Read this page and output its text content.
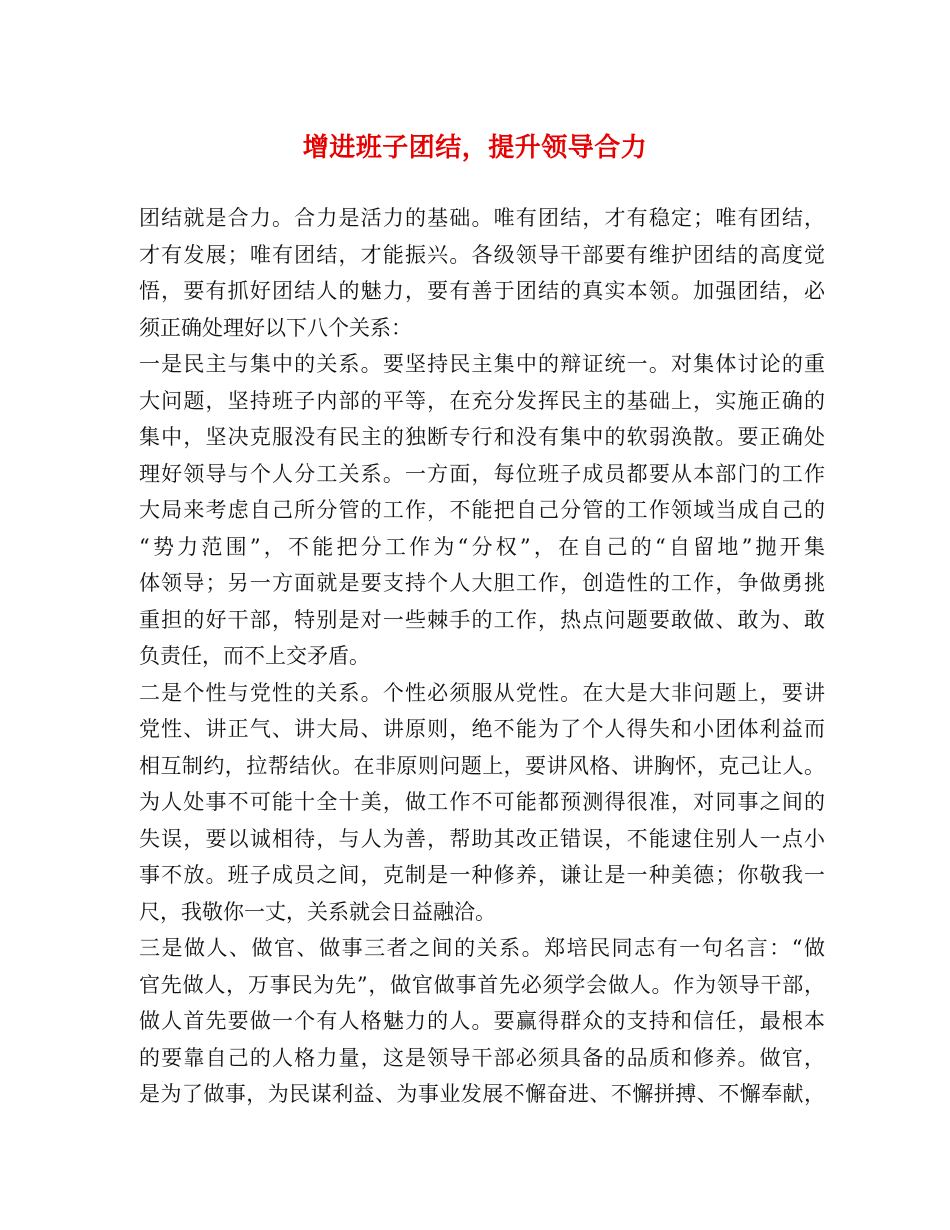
增进班子团结，提升领导合力
团结就是合力。合力是活力的基础。唯有团结，才有稳定；唯有团结，
才有发展；唯有团结，才能振兴。各级领导干部要有维护团结的高度觉
悟，要有抓好团结人的魅力，要有善于团结的真实本领。加强团结，必
须正确处理好以下八个关系：
一是民主与集中的关系。要坚持民主集中的辩证统一。对集体讨论的重
大问题，坚持班子内部的平等，在充分发挥民主的基础上，实施正确的
集中，坚决克服没有民主的独断专行和没有集中的软弱涣散。要正确处
理好领导与个人分工关系。一方面，每位班子成员都要从本部门的工作
大局来考虑自己所分管的工作，不能把自己分管的工作领域当成自己的
“势力范围”，不能把分工作为“分权”，在自己的“自留地”抛开集
体领导；另一方面就是要支持个人大胆工作，创造性的工作，争做勇挑
重担的好干部，特别是对一些棘手的工作，热点问题要敢做、敢为、敢
负责任，而不上交矛盾。
二是个性与党性的关系。个性必须服从党性。在大是大非问题上，要讲
党性、讲正气、讲大局、讲原则，绝不能为了个人得失和小团体利益而
相互制约，拉帮结伙。在非原则问题上，要讲风格、讲胸怀，克己让人。
为人处事不可能十全十美，做工作不可能都预测得很准，对同事之间的
失误，要以诚相待，与人为善，帮助其改正错误，不能逮住别人一点小
事不放。班子成员之间，克制是一种修养，谦让是一种美德；你敬我一
尺，我敬你一丈，关系就会日益融洽。
三是做人、做官、做事三者之间的关系。郑培民同志有一句名言：“做
官先做人，万事民为先”，做官做事首先必须学会做人。作为领导干部，
做人首先要做一个有人格魅力的人。要赢得群众的支持和信任，最根本
的要靠自己的人格力量，这是领导干部必须具备的品质和修养。做官，
是为了做事，为民谋利益、为事业发展不懈奋进、不懈拼搏、不懈奉献，
